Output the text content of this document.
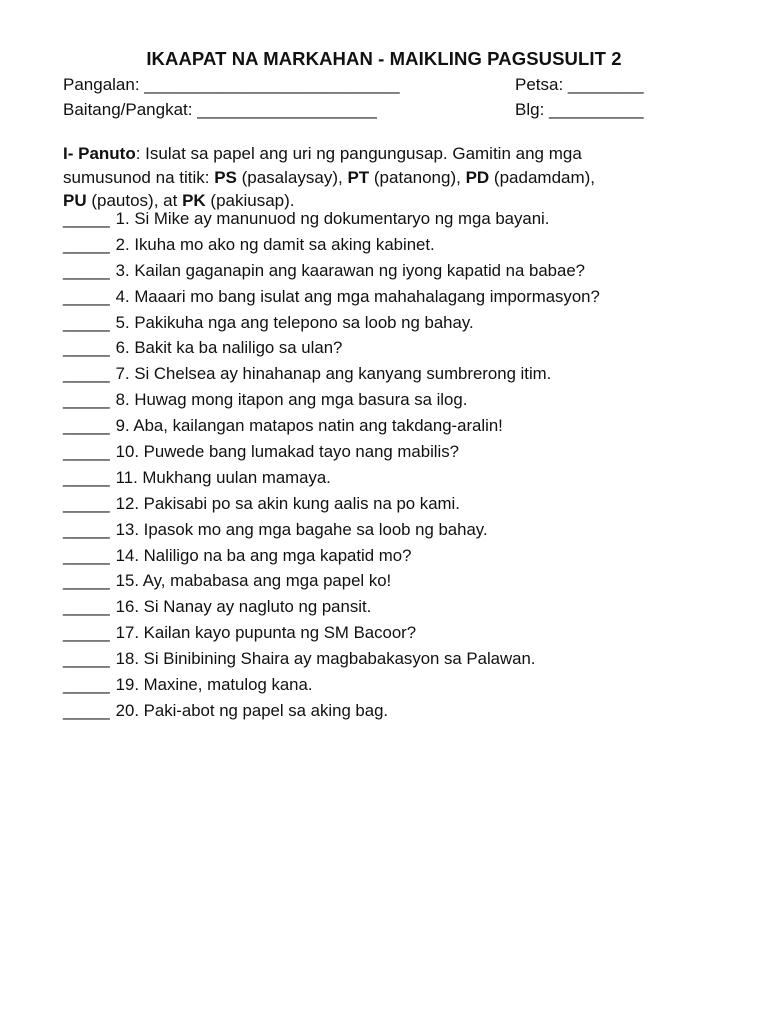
IKAAPAT NA MARKAHAN - MAIKLING PAGSUSULIT 2
Pangalan: ___________________________	Petsa: ________
Baitang/Pangkat: ___________________	Blg: __________
I- Panuto: Isulat sa papel ang uri ng pangungusap. Gamitin ang mga
sumusunod na titik: PS (pasalaysay), PT (patanong), PD (padamdam),
PU (pautos), at PK (pakiusap).
_____ 1. Si Mike ay manunuod ng dokumentaryo ng mga bayani.
_____ 2. Ikuha mo ako ng damit sa aking kabinet.
_____ 3. Kailan gaganapin ang kaarawan ng iyong kapatid na babae?
_____ 4. Maaari mo bang isulat ang mga mahahalagang impormasyon?
_____ 5. Pakikuha nga ang telepono sa loob ng bahay.
_____ 6. Bakit ka ba naliligo sa ulan?
_____ 7. Si Chelsea ay hinahanap ang kanyang sumbrerong itim.
_____ 8. Huwag mong itapon ang mga basura sa ilog.
_____ 9. Aba, kailangan matapos natin ang takdang-aralin!
_____ 10. Puwede bang lumakad tayo nang mabilis?
_____ 11. Mukhang uulan mamaya.
_____ 12. Pakisabi po sa akin kung aalis na po kami.
_____ 13. Ipasok mo ang mga bagahe sa loob ng bahay.
_____ 14. Naliligo na ba ang mga kapatid mo?
_____ 15. Ay, mababasa ang mga papel ko!
_____ 16. Si Nanay ay nagluto ng pansit.
_____ 17. Kailan kayo pupunta ng SM Bacoor?
_____ 18. Si Binibining Shaira ay magbabakasyon sa Palawan.
_____ 19. Maxine, matulog kana.
_____ 20. Paki-abot ng papel sa aking bag.
